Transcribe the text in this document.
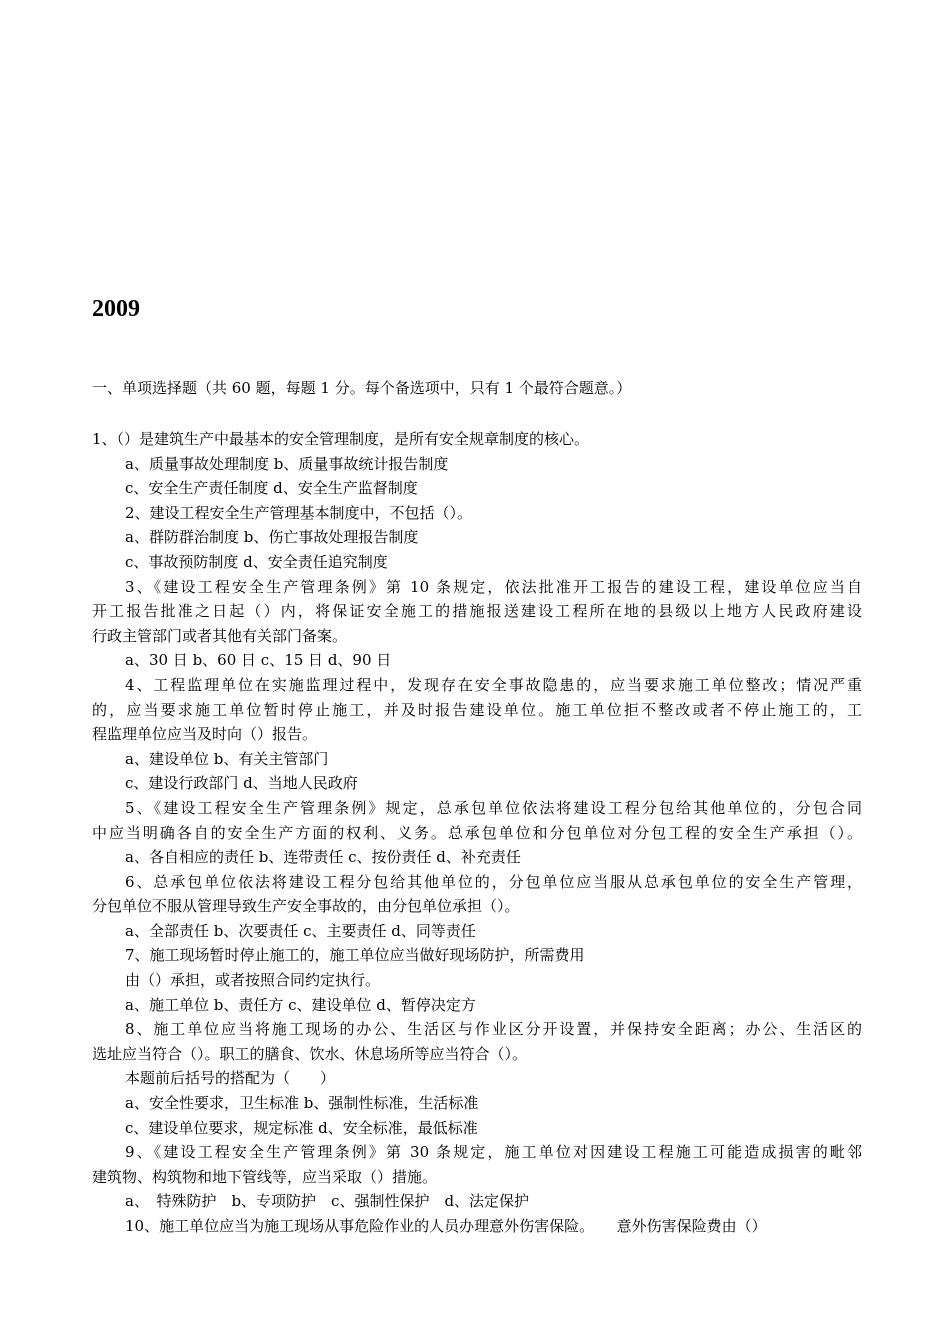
2009
一、单项选择题（共 60 题，每题 1 分。每个备选项中，只有 1 个最符合题意。）

1、（）是建筑生产中最基本的安全管理制度，是所有安全规章制度的核心。

a、质量事故处理制度 b、质量事故统计报告制度

c、安全生产责任制度 d、安全生产监督制度

2、建设工程安全生产管理基本制度中，不包括（）。

a、群防群治制度 b、伤亡事故处理报告制度

c、事故预防制度 d、安全责任追究制度

3、《建设工程安全生产管理条例》第 10 条规定，依法批准开工报告的建设工程，建设单位应当自

开工报告批准之日起（）内，将保证安全施工的措施报送建设工程所在地的县级以上地方人民政府建设

行政主管部门或者其他有关部门备案。

a、30 日 b、60 日 c、15 日 d、90 日

4、工程监理单位在实施监理过程中，发现存在安全事故隐患的，应当要求施工单位整改；情况严重

的，应当要求施工单位暂时停止施工，并及时报告建设单位。施工单位拒不整改或者不停止施工的，工

程监理单位应当及时向（）报告。

a、建设单位 b、有关主管部门

c、建设行政部门 d、当地人民政府

5、《建设工程安全生产管理条例》规定，总承包单位依法将建设工程分包给其他单位的，分包合同

中应当明确各自的安全生产方面的权利、义务。总承包单位和分包单位对分包工程的安全生产承担（）。

a、各自相应的责任 b、连带责任 c、按份责任 d、补充责任

6、总承包单位依法将建设工程分包给其他单位的，分包单位应当服从总承包单位的安全生产管理，

分包单位不服从管理导致生产安全事故的，由分包单位承担（）。

a、全部责任 b、次要责任 c、主要责任 d、同等责任

7、施工现场暂时停止施工的，施工单位应当做好现场防护，所需费用

由（）承担，或者按照合同约定执行。

a、施工单位 b、责任方 c、建设单位 d、暂停决定方

8、施工单位应当将施工现场的办公、生活区与作业区分开设置，并保持安全距离；办公、生活区的

选址应当符合（）。职工的膳食、饮水、休息场所等应当符合（）。

本题前后括号的搭配为（　　）

a、安全性要求，卫生标准 b、强制性标准，生活标准

c、建设单位要求，规定标准 d、安全标准，最低标准

9、《建设工程安全生产管理条例》第 30 条规定，施工单位对因建设工程施工可能造成损害的毗邻

建筑物、构筑物和地下管线等，应当采取（）措施。

a、　特殊防护　b、专项防护　c、强制性保护　d、法定保护

10、施工单位应当为施工现场从事危险作业的人员办理意外伤害保险。　　意外伤害保险费由（）
